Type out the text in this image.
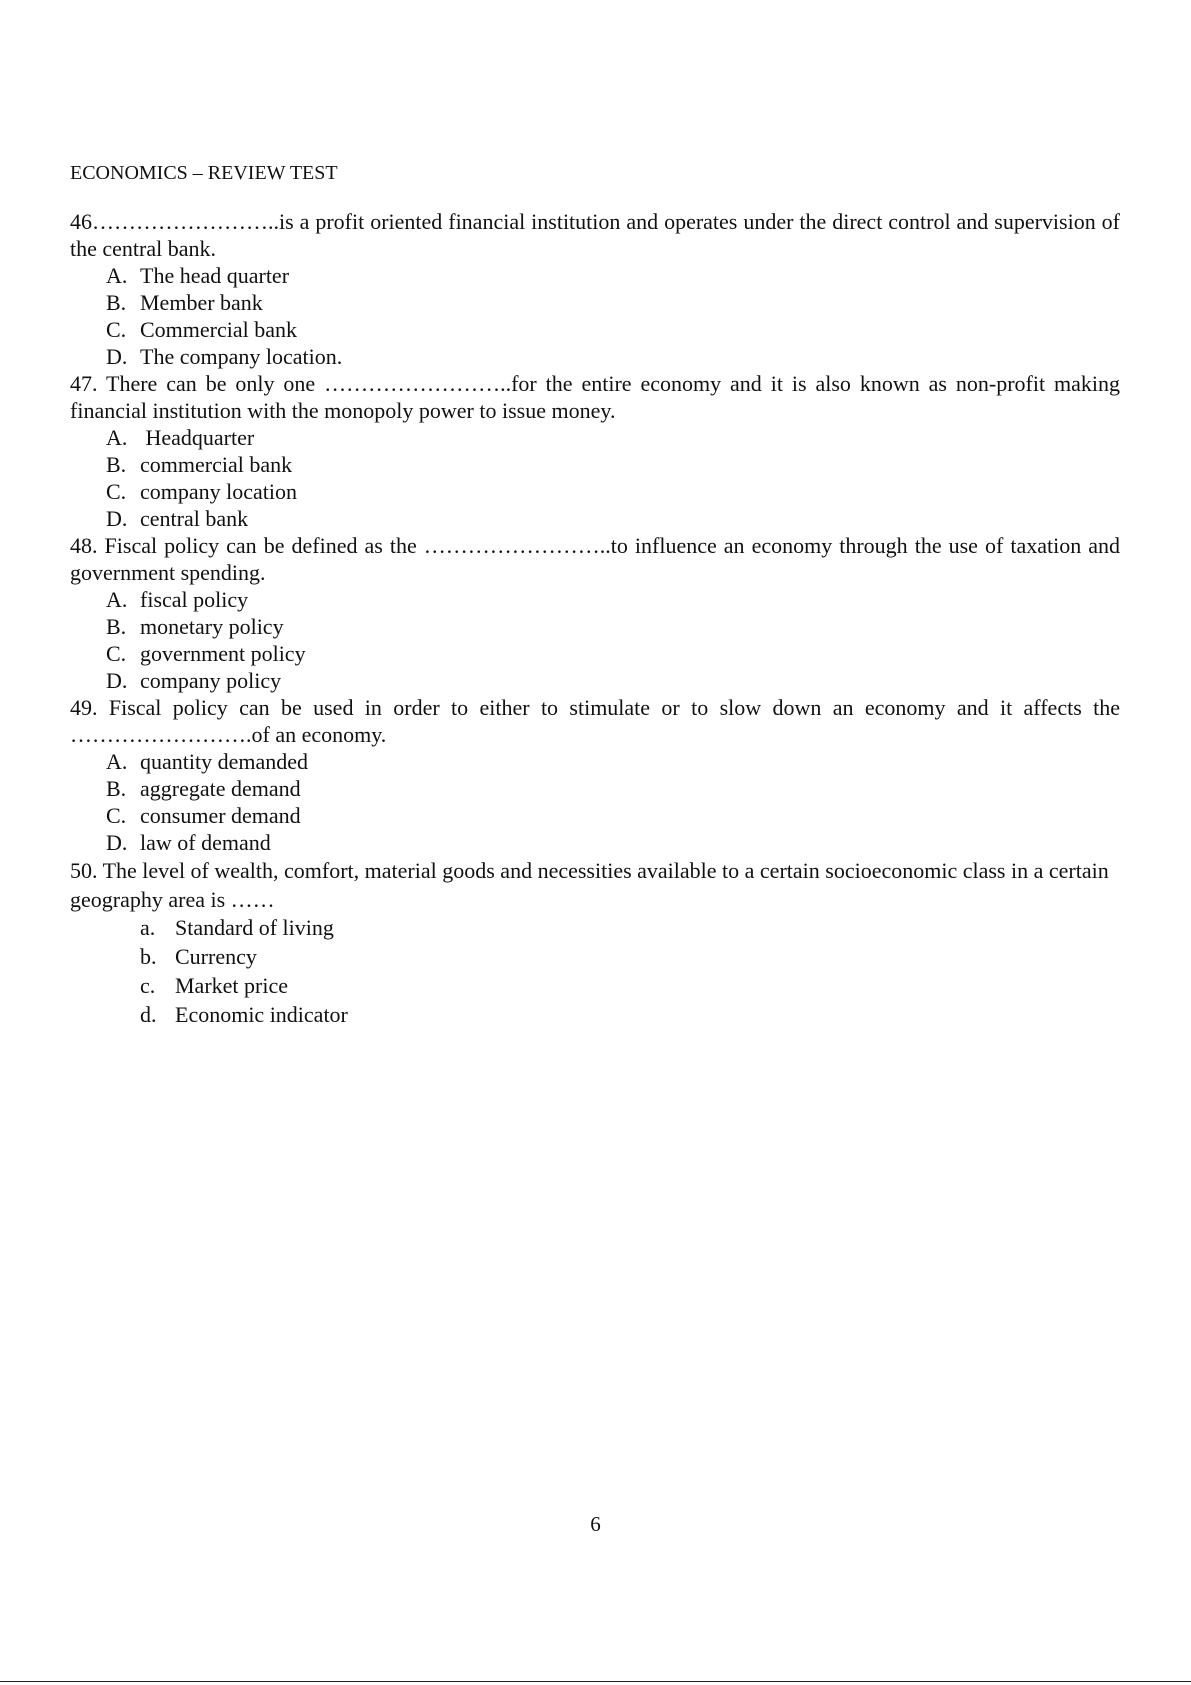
ECONOMICS – REVIEW TEST

46……………………..is a profit oriented financial institution and operates under the direct control and supervision of the central bank.

A. The head quarter
B. Member bank
C. Commercial bank
D. The company location.

47. There can be only one ……………………..for the entire economy and it is also known as non-profit making financial institution with the monopoly power to issue money.

A. Headquarter
B. commercial bank
C. company location
D. central bank

48. Fiscal policy can be defined as the ……………………..to influence an economy through the use of taxation and government spending.

A. fiscal policy
B. monetary policy
C. government policy
D. company policy

49. Fiscal policy can be used in order to either to stimulate or to slow down an economy and it affects the …………………….of an economy.

A. quantity demanded
B. aggregate demand
C. consumer demand
D. law of demand

50. The level of wealth, comfort, material goods and necessities available to a certain socioeconomic class in a certain geography area is ……

a. Standard of living
b. Currency
c. Market price
d. Economic indicator
6
